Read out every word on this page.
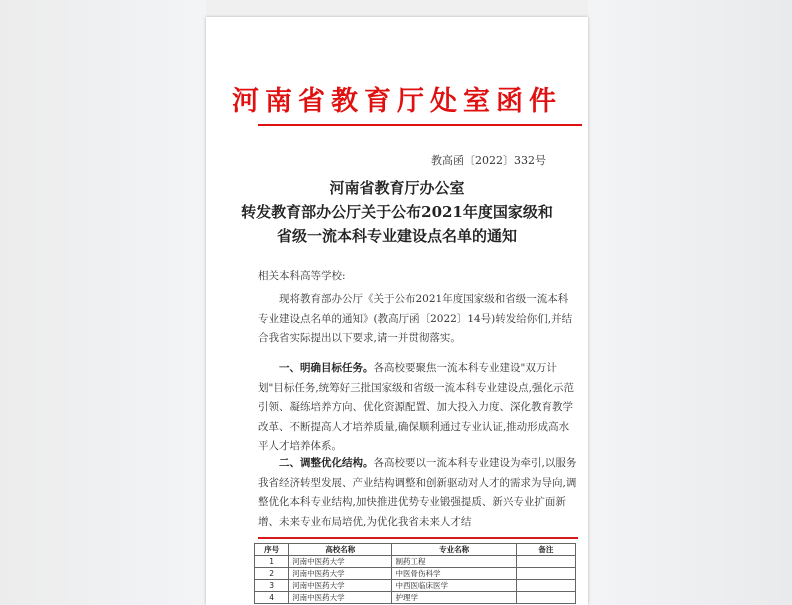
河南省教育厅处室函件
教高函〔2022〕332号
河南省教育厅办公室
转发教育部办公厅关于公布2021年度国家级和
省级一流本科专业建设点名单的通知
相关本科高等学校:
现将教育部办公厅《关于公布2021年度国家级和省级一流本科专业建设点名单的通知》(教高厅函〔2022〕14号)转发给你们,并结合我省实际提出以下要求,请一并贯彻落实。
一、明确目标任务。各高校要聚焦一流本科专业建设"双万计划"目标任务,统筹好三批国家级和省级一流本科专业建设点,强化示范引领、凝练培养方向、优化资源配置、加大投入力度、深化教育教学改革、不断提高人才培养质量,确保顺利通过专业认证,推动形成高水平人才培养体系。
二、调整优化结构。各高校要以一流本科专业建设为牵引,以服务我省经济转型发展、产业结构调整和创新驱动对人才的需求为导向,调整优化本科专业结构,加快推进优势专业锻强提质、新兴专业扩面新增、未来专业布局培优,为优化我省未来人才结
序号	高校名称	专业名称	备注
1	河南中医药大学	制药工程	
2	河南中医药大学	中医骨伤科学	
3	河南中医药大学	中西医临床医学	
4	河南中医药大学	护理学	
